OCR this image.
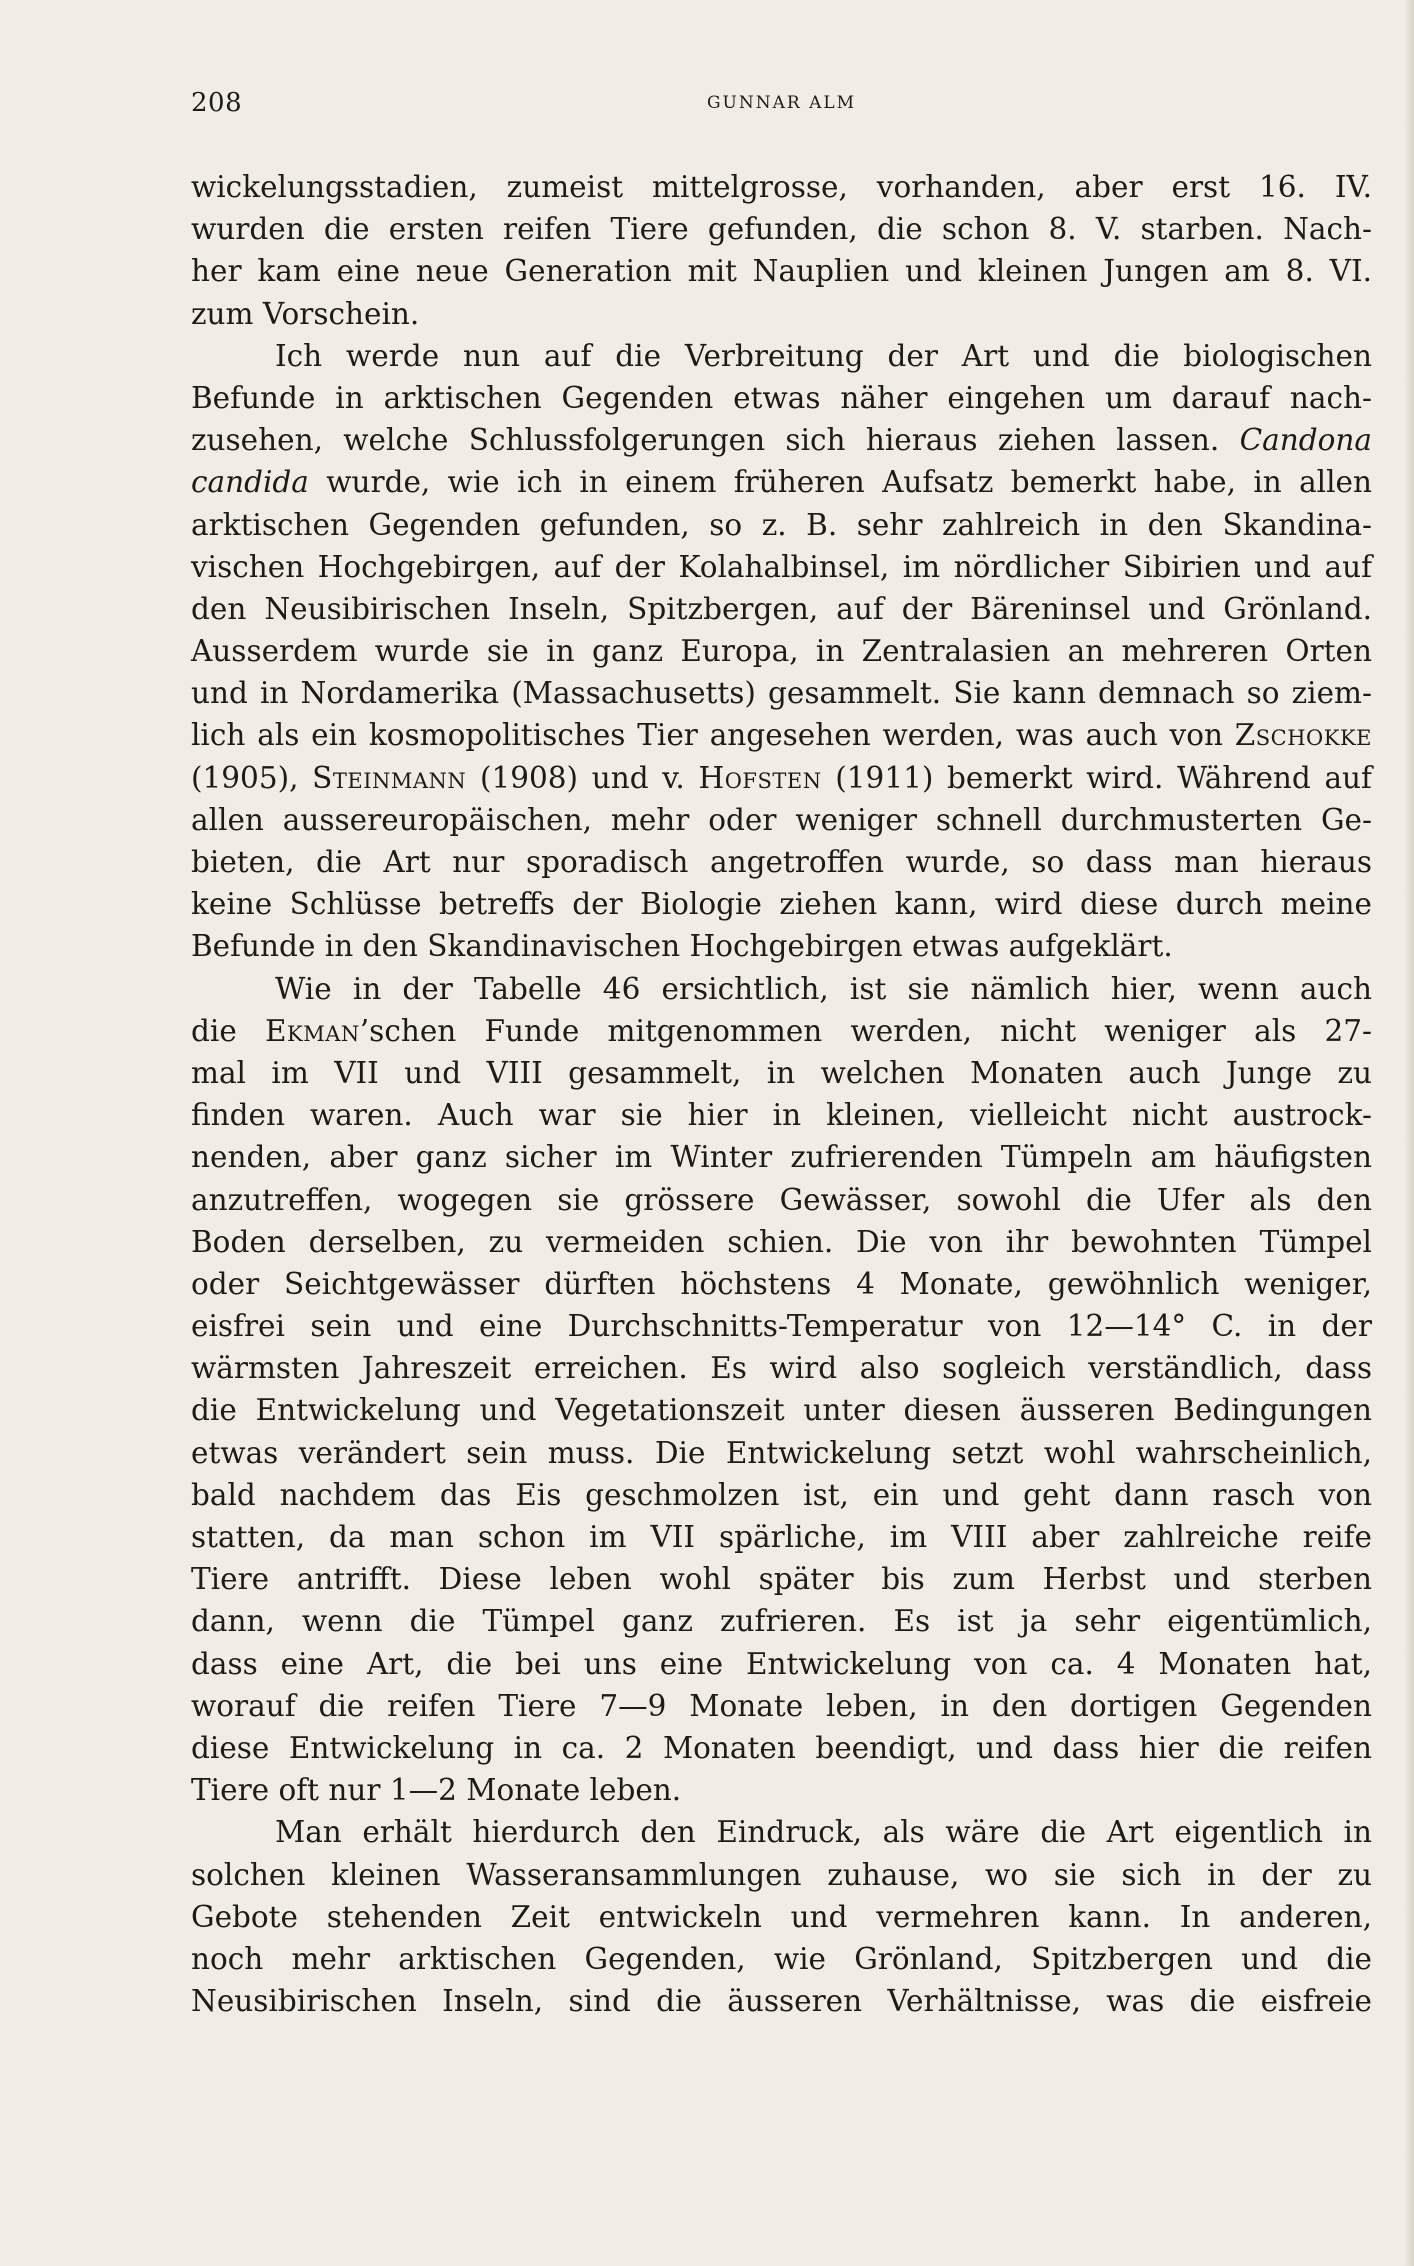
208	GUNNAR ALM
wickelungsstadien, zumeist mittelgrosse, vorhanden, aber erst 16. IV.
wurden die ersten reifen Tiere gefunden, die schon 8. V. starben. Nach-
her kam eine neue Generation mit Nauplien und kleinen Jungen am 8. VI.
zum Vorschein.
Ich werde nun auf die Verbreitung der Art und die biologischen
Befunde in arktischen Gegenden etwas näher eingehen um darauf nach-
zusehen, welche Schlussfolgerungen sich hieraus ziehen lassen. Candona
candida wurde, wie ich in einem früheren Aufsatz bemerkt habe, in allen
arktischen Gegenden gefunden, so z. B. sehr zahlreich in den Skandina-
vischen Hochgebirgen, auf der Kolahalbinsel, im nördlicher Sibirien und auf
den Neusibirischen Inseln, Spitzbergen, auf der Bäreninsel und Grönland.
Ausserdem wurde sie in ganz Europa, in Zentralasien an mehreren Orten
und in Nordamerika (Massachusetts) gesammelt. Sie kann demnach so ziem-
lich als ein kosmopolitisches Tier angesehen werden, was auch von Zschokke
(1905), Steinmann (1908) und v. Hofsten (1911) bemerkt wird. Während auf
allen aussereuropäischen, mehr oder weniger schnell durchmusterten Ge-
bieten, die Art nur sporadisch angetroffen wurde, so dass man hieraus
keine Schlüsse betreffs der Biologie ziehen kann, wird diese durch meine
Befunde in den Skandinavischen Hochgebirgen etwas aufgeklärt.
Wie in der Tabelle 46 ersichtlich, ist sie nämlich hier, wenn auch
die Ekman’schen Funde mitgenommen werden, nicht weniger als 27-
mal im VII und VIII gesammelt, in welchen Monaten auch Junge zu
finden waren. Auch war sie hier in kleinen, vielleicht nicht austrock-
nenden, aber ganz sicher im Winter zufrierenden Tümpeln am häufigsten
anzutreffen, wogegen sie grössere Gewässer, sowohl die Ufer als den
Boden derselben, zu vermeiden schien. Die von ihr bewohnten Tümpel
oder Seichtgewässer dürften höchstens 4 Monate, gewöhnlich weniger,
eisfrei sein und eine Durchschnitts-Temperatur von 12—14° C. in der
wärmsten Jahreszeit erreichen. Es wird also sogleich verständlich, dass
die Entwickelung und Vegetationszeit unter diesen äusseren Bedingungen
etwas verändert sein muss. Die Entwickelung setzt wohl wahrscheinlich,
bald nachdem das Eis geschmolzen ist, ein und geht dann rasch von
statten, da man schon im VII spärliche, im VIII aber zahlreiche reife
Tiere antrifft. Diese leben wohl später bis zum Herbst und sterben
dann, wenn die Tümpel ganz zufrieren. Es ist ja sehr eigentümlich,
dass eine Art, die bei uns eine Entwickelung von ca. 4 Monaten hat,
worauf die reifen Tiere 7—9 Monate leben, in den dortigen Gegenden
diese Entwickelung in ca. 2 Monaten beendigt, und dass hier die reifen
Tiere oft nur 1—2 Monate leben.
Man erhält hierdurch den Eindruck, als wäre die Art eigentlich in
solchen kleinen Wasseransammlungen zuhause, wo sie sich in der zu
Gebote stehenden Zeit entwickeln und vermehren kann. In anderen,
noch mehr arktischen Gegenden, wie Grönland, Spitzbergen und die
Neusibirischen Inseln, sind die äusseren Verhältnisse, was die eisfreie
